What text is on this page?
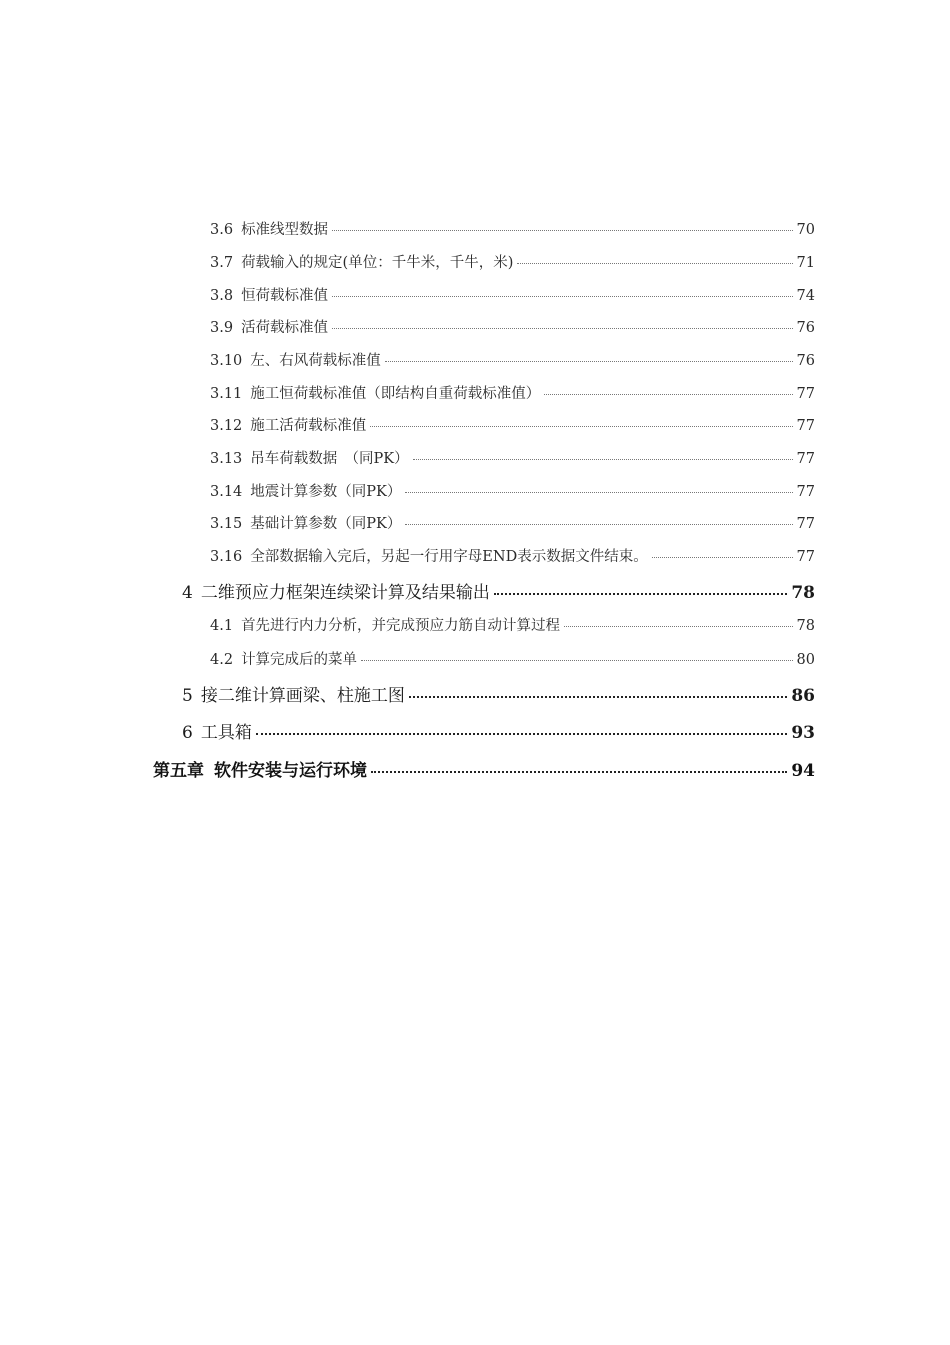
3.6 标准线型数据	70
3.7 荷载输入的规定(单位：千牛米，千牛，米)	71
3.8 恒荷载标准值	74
3.9 活荷载标准值	76
3.10 左、右风荷载标准值	76
3.11 施工恒荷载标准值（即结构自重荷载标准值）	77
3.12 施工活荷载标准值	77
3.13 吊车荷载数据　（同PK）	77
3.14 地震计算参数（同PK）	77
3.15 基础计算参数（同PK）	77
3.16 全部数据输入完后，另起一行用字母END表示数据文件结束。	77
4 二维预应力框架连续梁计算及结果输出	78
4.1 首先进行内力分析，并完成预应力筋自动计算过程	78
4.2 计算完成后的菜单	80
5 接二维计算画梁、柱施工图	86
6 工具箱	93
第五章 软件安装与运行环境	94
